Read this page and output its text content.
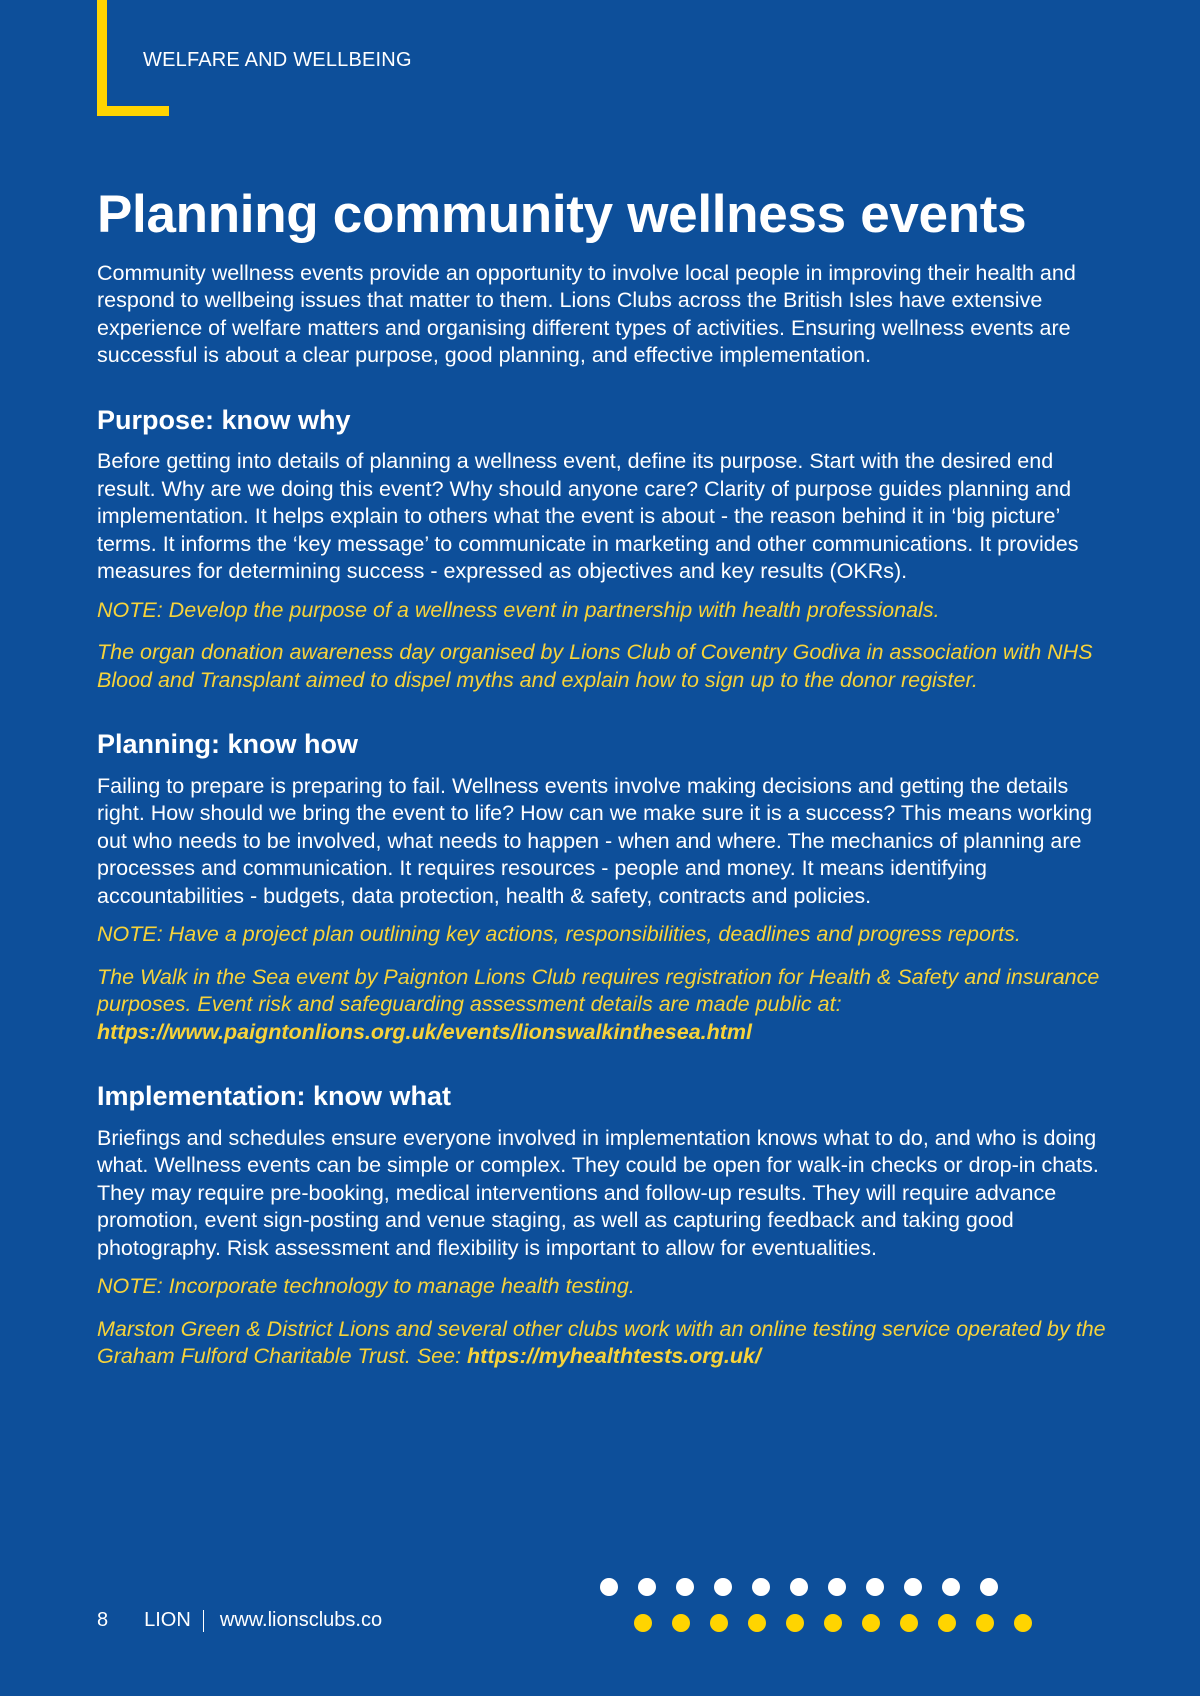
WELFARE AND WELLBEING
Planning community wellness events

Community wellness events provide an opportunity to involve local people in improving their health and respond to wellbeing issues that matter to them. Lions Clubs across the British Isles have extensive experience of welfare matters and organising different types of activities. Ensuring wellness events are successful is about a clear purpose, good planning, and effective implementation.

Purpose: know why

Before getting into details of planning a wellness event, define its purpose. Start with the desired end result. Why are we doing this event? Why should anyone care? Clarity of purpose guides planning and implementation. It helps explain to others what the event is about - the reason behind it in ‘big picture’ terms. It informs the ‘key message’ to communicate in marketing and other communications. It provides measures for determining success - expressed as objectives and key results (OKRs).

NOTE: Develop the purpose of a wellness event in partnership with health professionals.

The organ donation awareness day organised by Lions Club of Coventry Godiva in association with NHS Blood and Transplant aimed to dispel myths and explain how to sign up to the donor register.

Planning: know how

Failing to prepare is preparing to fail. Wellness events involve making decisions and getting the details right. How should we bring the event to life? How can we make sure it is a success? This means working out who needs to be involved, what needs to happen - when and where. The mechanics of planning are processes and communication. It requires resources - people and money. It means identifying accountabilities - budgets, data protection, health & safety, contracts and policies.

NOTE: Have a project plan outlining key actions, responsibilities, deadlines and progress reports.

The Walk in the Sea event by Paignton Lions Club requires registration for Health & Safety and insurance purposes. Event risk and safeguarding assessment details are made public at:
https://www.paigntonlions.org.uk/events/lionswalkinthesea.html

Implementation: know what

Briefings and schedules ensure everyone involved in implementation knows what to do, and who is doing what. Wellness events can be simple or complex. They could be open for walk-in checks or drop-in chats. They may require pre-booking, medical interventions and follow-up results. They will require advance promotion, event sign-posting and venue staging, as well as capturing feedback and taking good photography. Risk assessment and flexibility is important to allow for eventualities.

NOTE: Incorporate technology to manage health testing.

Marston Green & District Lions and several other clubs work with an online testing service operated by the Graham Fulford Charitable Trust. See: https://myhealthtests.org.uk/

8 LION www.lionsclubs.co
